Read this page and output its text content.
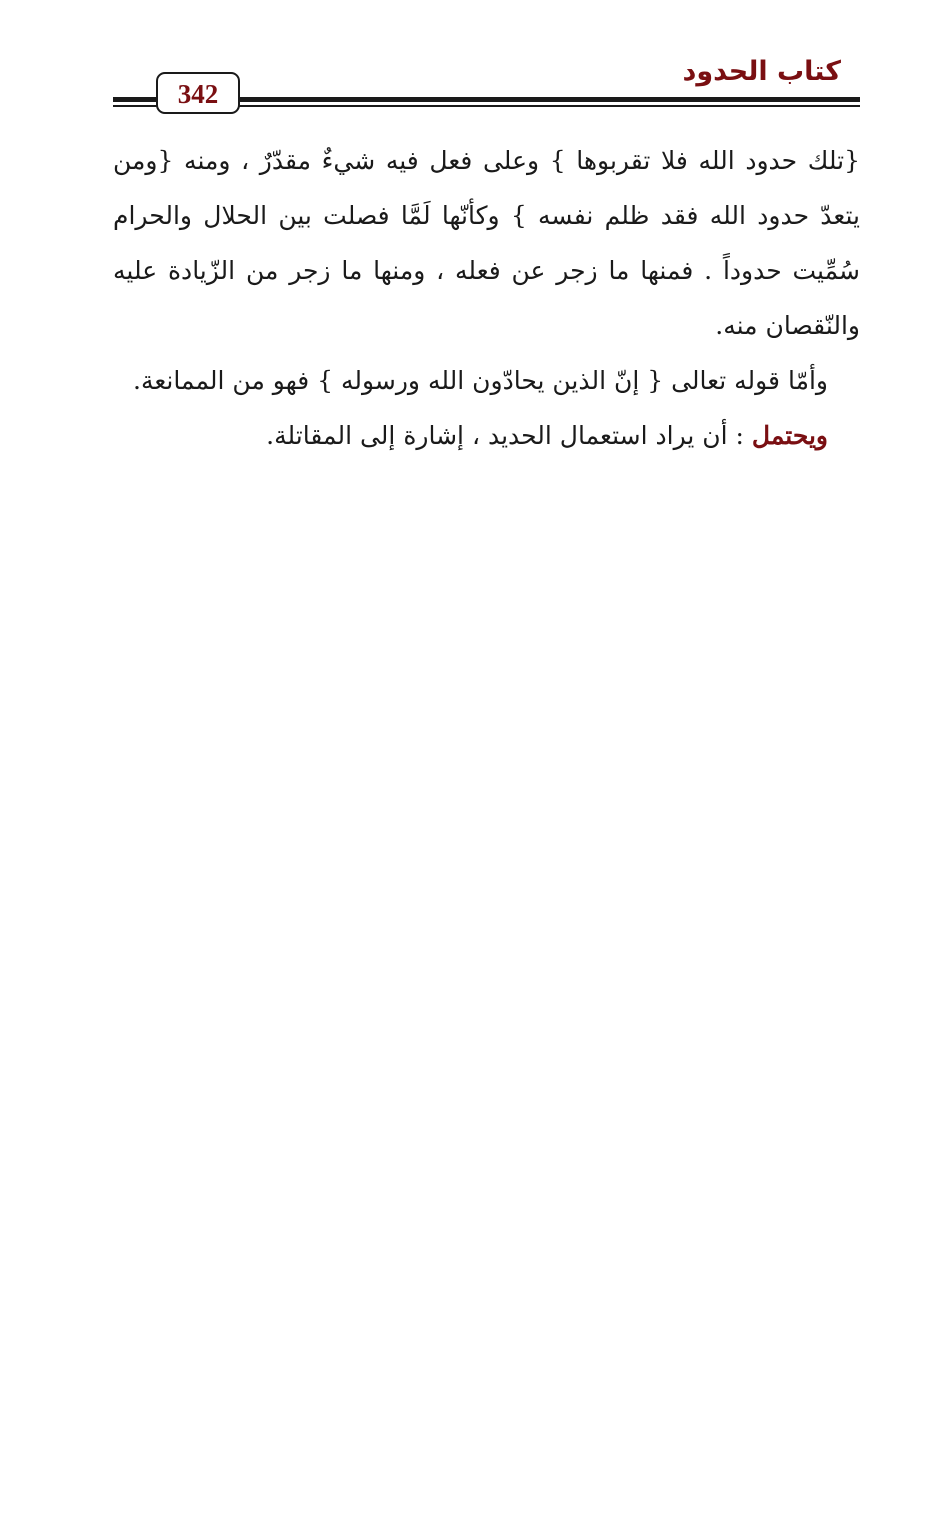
كتاب الحدود
342

{تلك حدود الله فلا تقربوها } وعلى فعل فيه شيءٌ مقدّرٌ ، ومنه {ومن يتعدّ حدود الله فقد ظلم نفسه } وكأنّها لَمَّا فصلت بين الحلال والحرام سُمِّيت حدوداً . فمنها ما زجر عن فعله ، ومنها ما زجر من الزّيادة عليه والنّقصان منه.

وأمّا قوله تعالى { إنّ الذين يحادّون الله ورسوله } فهو من الممانعة.

ويحتمل : أن يراد استعمال الحديد ، إشارة إلى المقاتلة.
